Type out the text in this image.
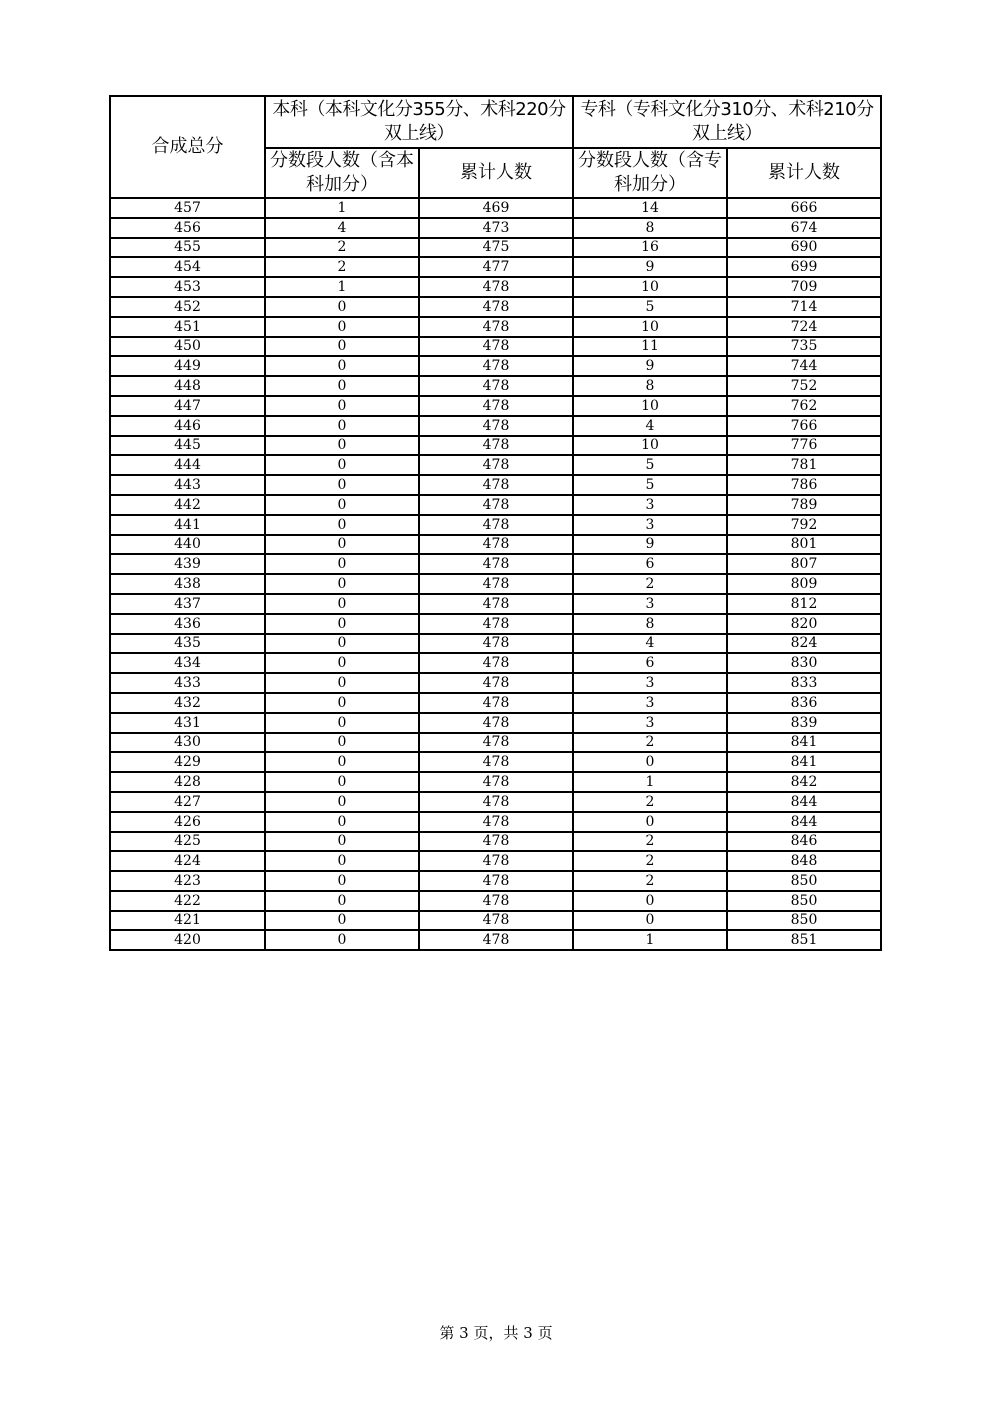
合成总分	本科（本科文化分355分、术科220分双上线）		专科（专科文化分310分、术科210分双上线）	
	分数段人数（含本科加分）	累计人数	分数段人数（含专科加分）	累计人数
457	1	469	14	666
456	4	473	8	674
455	2	475	16	690
454	2	477	9	699
453	1	478	10	709
452	0	478	5	714
451	0	478	10	724
450	0	478	11	735
449	0	478	9	744
448	0	478	8	752
447	0	478	10	762
446	0	478	4	766
445	0	478	10	776
444	0	478	5	781
443	0	478	5	786
442	0	478	3	789
441	0	478	3	792
440	0	478	9	801
439	0	478	6	807
438	0	478	2	809
437	0	478	3	812
436	0	478	8	820
435	0	478	4	824
434	0	478	6	830
433	0	478	3	833
432	0	478	3	836
431	0	478	3	839
430	0	478	2	841
429	0	478	0	841
428	0	478	1	842
427	0	478	2	844
426	0	478	0	844
425	0	478	2	846
424	0	478	2	848
423	0	478	2	850
422	0	478	0	850
421	0	478	0	850
420	0	478	1	851
第 3 页，共 3 页
